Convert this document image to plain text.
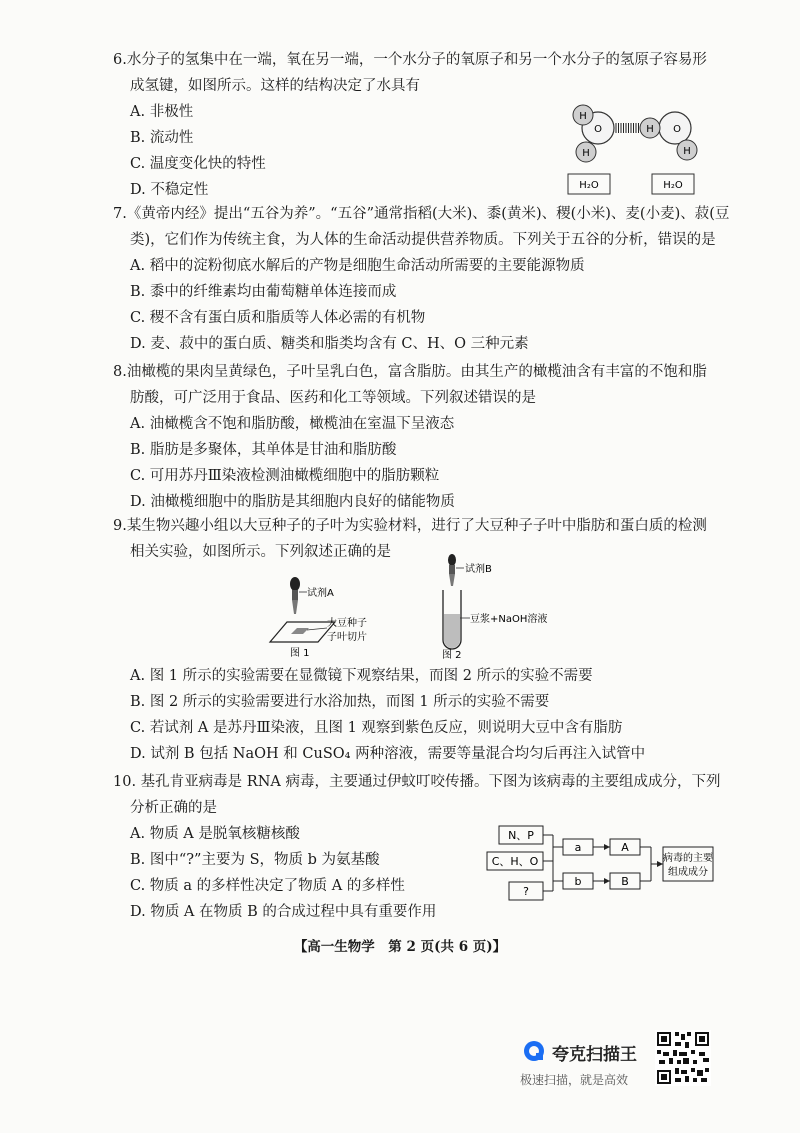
6.水分子的氢集中在一端，氧在另一端，一个水分子的氧原子和另一个水分子的氢原子容易形
成氢键，如图所示。这样的结构决定了水具有
A. 非极性
B. 流动性
C. 温度变化快的特性
D. 不稳定性
O
H
H
O
H
H
H₂O	H₂O
7.《黄帝内经》提出“五谷为养”。“五谷”通常指稻(大米)、黍(黄米)、稷(小米)、麦(小麦)、菽(豆
类)，它们作为传统主食，为人体的生命活动提供营养物质。下列关于五谷的分析，错误的是
A. 稻中的淀粉彻底水解后的产物是细胞生命活动所需要的主要能源物质
B. 黍中的纤维素均由葡萄糖单体连接而成
C. 稷不含有蛋白质和脂质等人体必需的有机物
D. 麦、菽中的蛋白质、糖类和脂类均含有 C、H、O 三种元素
8.油橄榄的果肉呈黄绿色，子叶呈乳白色，富含脂肪。由其生产的橄榄油含有丰富的不饱和脂
肪酸，可广泛用于食品、医药和化工等领域。下列叙述错误的是
A. 油橄榄含不饱和脂肪酸，橄榄油在室温下呈液态
B. 脂肪是多聚体，其单体是甘油和脂肪酸
C. 可用苏丹Ⅲ染液检测油橄榄细胞中的脂肪颗粒
D. 油橄榄细胞中的脂肪是其细胞内良好的储能物质
9.某生物兴趣小组以大豆种子的子叶为实验材料，进行了大豆种子子叶中脂肪和蛋白质的检测
相关实验，如图所示。下列叙述正确的是
试剂A
大豆种子
子叶切片
图 1
试剂B
豆浆+NaOH溶液
图 2
A. 图 1 所示的实验需要在显微镜下观察结果，而图 2 所示的实验不需要
B. 图 2 所示的实验需要进行水浴加热，而图 1 所示的实验不需要
C. 若试剂 A 是苏丹Ⅲ染液，且图 1 观察到紫色反应，则说明大豆中含有脂肪
D. 试剂 B 包括 NaOH 和 CuSO₄ 两种溶液，需要等量混合均匀后再注入试管中
10. 基孔肯亚病毒是 RNA 病毒，主要通过伊蚊叮咬传播。下图为该病毒的主要组成成分，下列
分析正确的是
A. 物质 A 是脱氧核糖核酸
B. 图中“?”主要为 S，物质 b 为氨基酸
C. 物质 a 的多样性决定了物质 A 的多样性
D. 物质 A 在物质 B 的合成过程中具有重要作用
N、P
C、H、O
?
a	A
b	B
病毒的主要
组成成分
【高一生物学　第 2 页(共 6 页)】
夸克扫描王
极速扫描，就是高效
